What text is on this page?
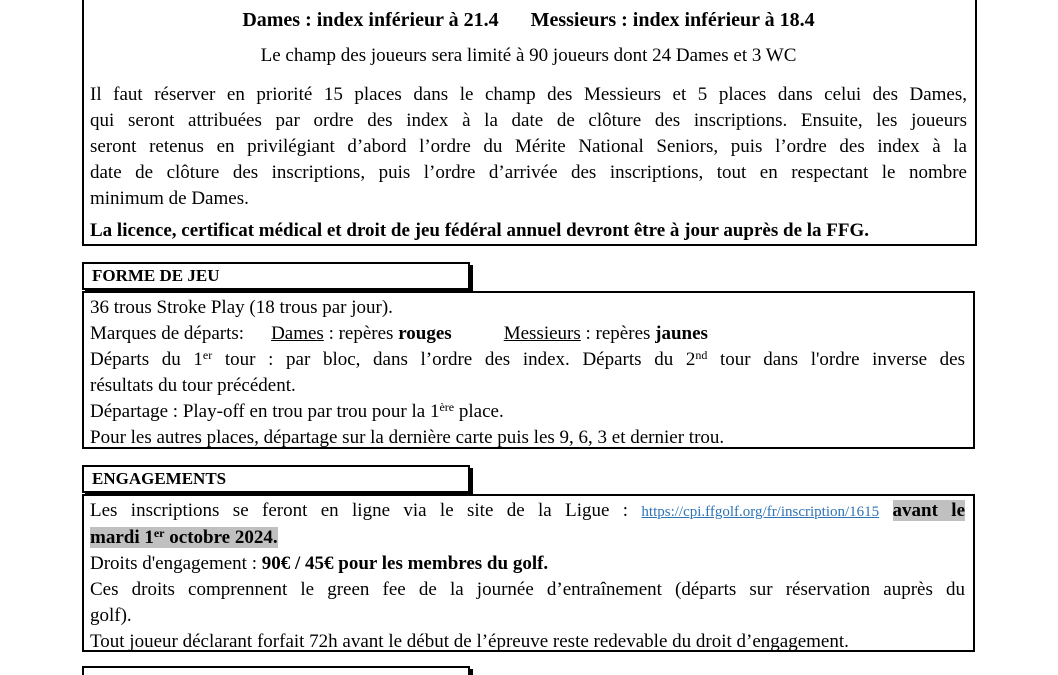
Dames : index inférieur à 21.4 Messieurs : index inférieur à 18.4
Le champ des joueurs sera limité à 90 joueurs dont 24 Dames et 3 WC
Il faut réserver en priorité 15 places dans le champ des Messieurs et 5 places dans celui des Dames,
qui seront attribuées par ordre des index à la date de clôture des inscriptions. Ensuite, les joueurs
seront retenus en privilégiant d’abord l’ordre du Mérite National Seniors, puis l’ordre des index à la
date de clôture des inscriptions, puis l’ordre d’arrivée des inscriptions, tout en respectant le nombre
minimum de Dames.
La licence, certificat médical et droit de jeu fédéral annuel devront être à jour auprès de la FFG.
FORME DE JEU
36 trous Stroke Play (18 trous par jour).
Marques de départs: Dames : repères rouges	Messieurs : repères jaunes
Départs du 1er tour : par bloc, dans l’ordre des index. Départs du 2nd tour dans l'ordre inverse des
résultats du tour précédent.
Départage : Play-off en trou par trou pour la 1ère place.
Pour les autres places, départage sur la dernière carte puis les 9, 6, 3 et dernier trou.
ENGAGEMENTS
Les inscriptions se feront en ligne via le site de la Ligue : https://cpi.ffgolf.org/fr/inscription/1615 avant le
mardi 1er octobre 2024.
Droits d'engagement : 90€ / 45€ pour les membres du golf.
Ces droits comprennent le green fee de la journée d’entraînement (départs sur réservation auprès du
golf).
Tout joueur déclarant forfait 72h avant le début de l’épreuve reste redevable du droit d’engagement.
